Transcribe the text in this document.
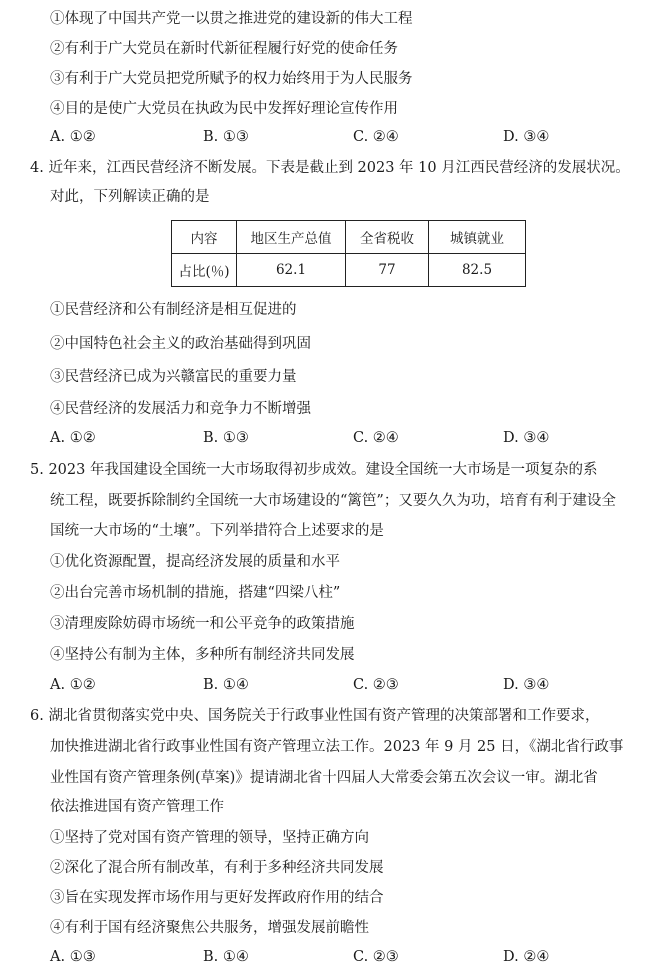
①体现了中国共产党一以贯之推进党的建设新的伟大工程
②有利于广大党员在新时代新征程履行好党的使命任务
③有利于广大党员把党所赋予的权力始终用于为人民服务
④目的是使广大党员在执政为民中发挥好理论宣传作用
A. ①②	B. ①③	C. ②④	D. ③④
4. 近年来，江西民营经济不断发展。下表是截止到 2023 年 10 月江西民营经济的发展状况。
对此，下列解读正确的是
内容	地区生产总值	全省税收	城镇就业
占比(％)	62.1	77	82.5
①民营经济和公有制经济是相互促进的
②中国特色社会主义的政治基础得到巩固
③民营经济已成为兴赣富民的重要力量
④民营经济的发展活力和竞争力不断增强
A. ①②	B. ①③	C. ②④	D. ③④
5. 2023 年我国建设全国统一大市场取得初步成效。建设全国统一大市场是一项复杂的系
统工程，既要拆除制约全国统一大市场建设的“篱笆”；又要久久为功，培育有利于建设全
国统一大市场的“土壤”。下列举措符合上述要求的是
①优化资源配置，提高经济发展的质量和水平
②出台完善市场机制的措施，搭建“四梁八柱”
③清理废除妨碍市场统一和公平竞争的政策措施
④坚持公有制为主体，多种所有制经济共同发展
A. ①②	B. ①④	C. ②③	D. ③④
6. 湖北省贯彻落实党中央、国务院关于行政事业性国有资产管理的决策部署和工作要求，
加快推进湖北省行政事业性国有资产管理立法工作。2023 年 9 月 25 日，《湖北省行政事
业性国有资产管理条例(草案)》提请湖北省十四届人大常委会第五次会议一审。湖北省
依法推进国有资产管理工作
①坚持了党对国有资产管理的领导，坚持正确方向
②深化了混合所有制改革，有利于多种经济共同发展
③旨在实现发挥市场作用与更好发挥政府作用的结合
④有利于国有经济聚焦公共服务，增强发展前瞻性
A. ①③	B. ①④	C. ②③	D. ②④
